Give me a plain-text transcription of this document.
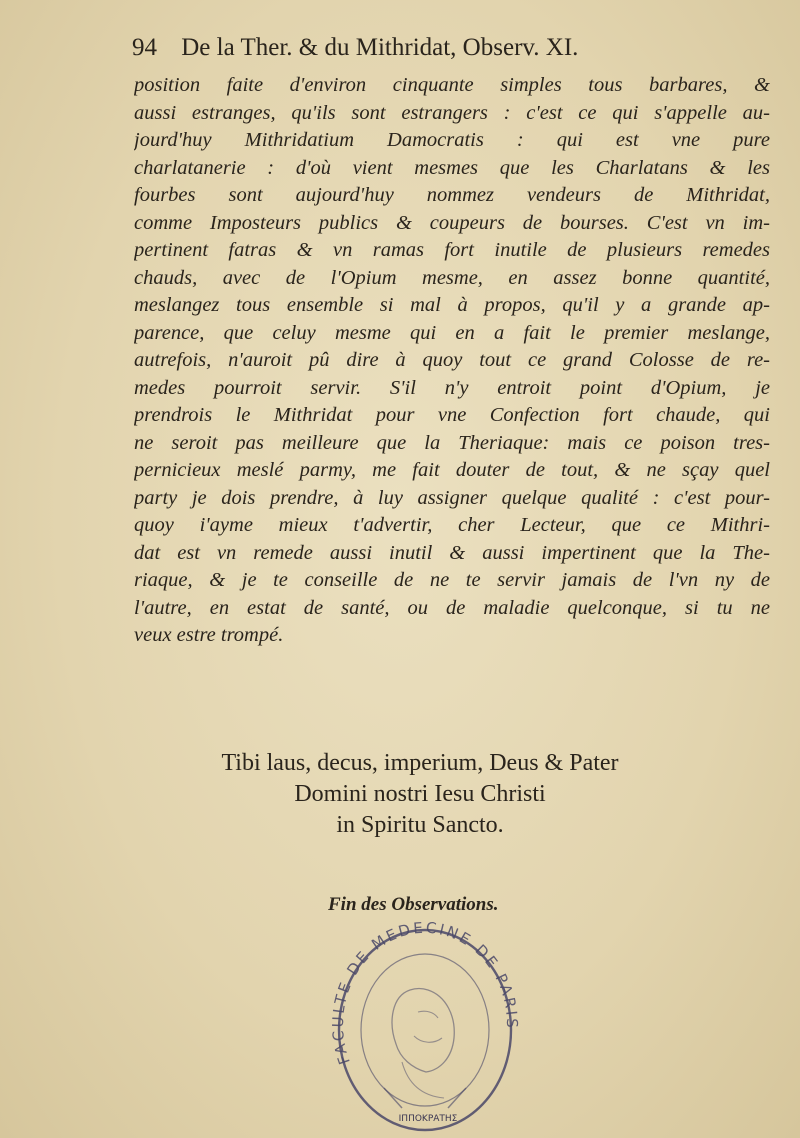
94 De la Ther. & du Mithridat, Observ. XI.
position faite d'environ cinquante simples tous barbares, &
aussi estranges, qu'ils sont estrangers : c'est ce qui s'appelle au-
jourd'huy Mithridatium Damocratis : qui est vne pure
charlatanerie : d'où vient mesmes que les Charlatans & les
fourbes sont aujourd'huy nommez vendeurs de Mithridat,
comme Imposteurs publics & coupeurs de bourses. C'est vn im-
pertinent fatras & vn ramas fort inutile de plusieurs remedes
chauds, avec de l'Opium mesme, en assez bonne quantité,
meslangez tous ensemble si mal à propos, qu'il y a grande ap-
parence, que celuy mesme qui en a fait le premier meslange,
autrefois, n'auroit pû dire à quoy tout ce grand Colosse de re-
medes pourroit servir. S'il n'y entroit point d'Opium, je
prendrois le Mithridat pour vne Confection fort chaude, qui
ne seroit pas meilleure que la Theriaque: mais ce poison tres-
pernicieux meslé parmy, me fait douter de tout, & ne sçay quel
party je dois prendre, à luy assigner quelque qualité : c'est pour-
quoy i'ayme mieux t'advertir, cher Lecteur, que ce Mithri-
dat est vn remede aussi inutil & aussi impertinent que la The-
riaque, & je te conseille de ne te servir jamais de l'vn ny de
l'autre, en estat de santé, ou de maladie quelconque, si tu ne
veux estre trompé.
Tibi laus, decus, imperium, Deus & Pater
Domini nostri Iesu Christi
in Spiritu Sancto.
Fin des Observations.
FACULTE DE MEDECINE DE PARIS
ΙΠΠΟΚΡΑΤΗΣ
